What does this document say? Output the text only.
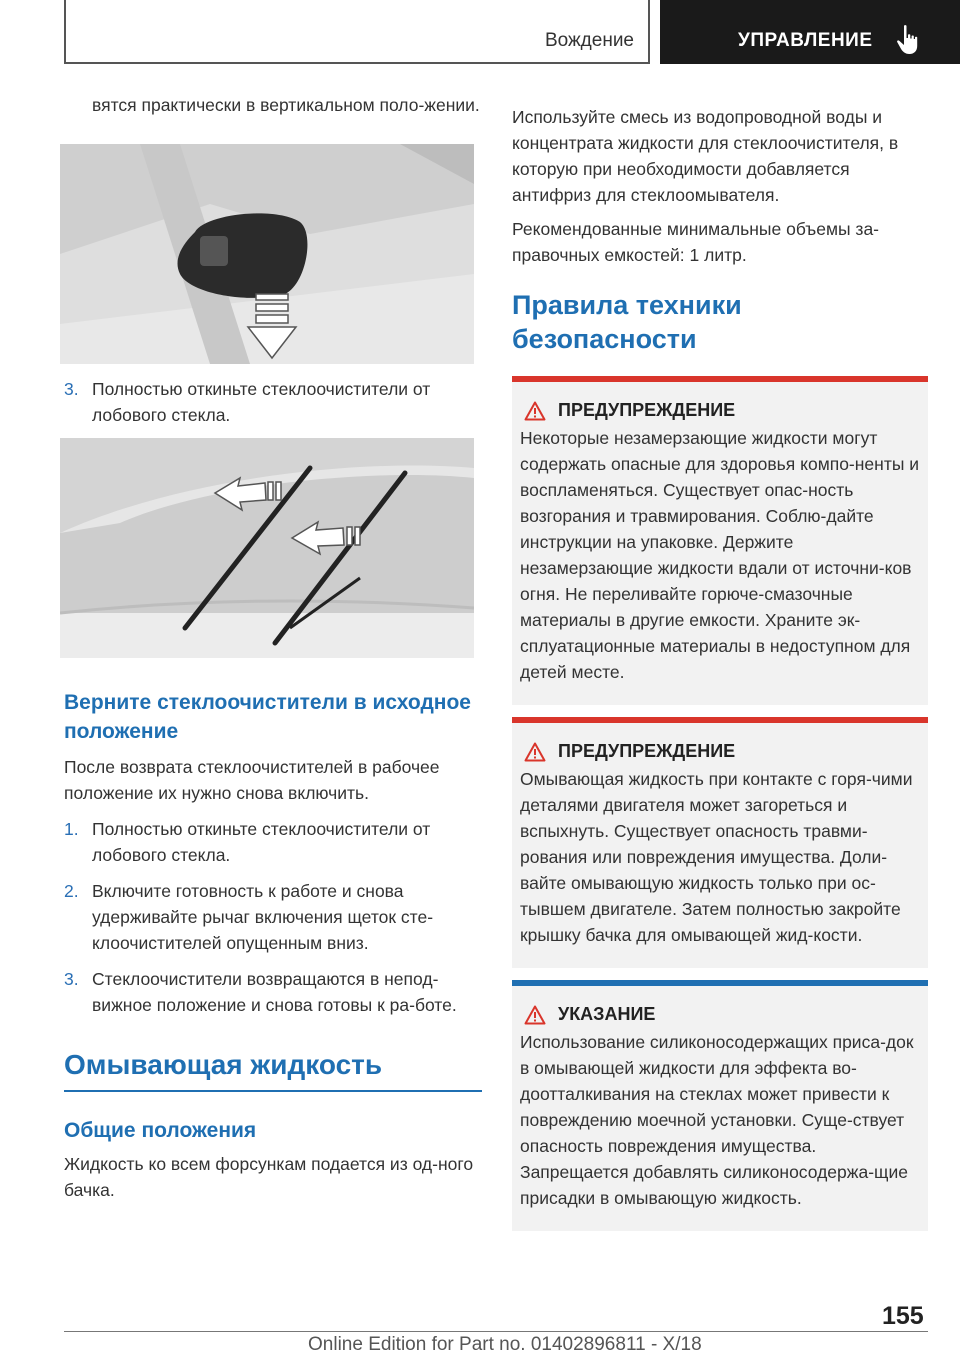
Вождение	УПРАВЛЕНИЕ

вятся практически в вертикальном поло-жении.

3. Полностью откиньте стеклоочистители от лобового стекла.
Верните стеклоочистители в исходное положение

После возврата стеклоочистителей в рабочее положение их нужно снова включить.

1. Полностью откиньте стеклоочистители от лобового стекла.
2. Включите готовность к работе и снова удерживайте рычаг включения щеток сте-клоочистителей опущенным вниз.
3. Стеклоочистители возвращаются в непод-вижное положение и снова готовы к ра-боте.
Омывающая жидкость
Общие положения

Жидкость ко всем форсункам подается из од-ного бачка.

Используйте смесь из водопроводной воды и концентрата жидкости для стеклоочистителя, в которую при необходимости добавляется антифриз для стеклоомывателя.

Рекомендованные минимальные объемы за-правочных емкостей: 1 литр.

Правила техники безопасности
ПРЕДУПРЕЖДЕНИЕ

Некоторые незамерзающие жидкости могут содержать опасные для здоровья компо-ненты и воспламеняться. Существует опас-ность возгорания и травмирования. Соблю-дайте инструкции на упаковке. Держите незамерзающие жидкости вдали от источни-ков огня. Не переливайте горюче-смазочные материалы в другие емкости. Храните эк-сплуатационные материалы в недоступном для детей месте.

ПРЕДУПРЕЖДЕНИЕ

Омывающая жидкость при контакте с горя-чими деталями двигателя может загореться и вспыхнуть. Существует опасность травми-рования или повреждения имущества. Доли-вайте омывающую жидкость только при ос-тывшем двигателе. Затем полностью закройте крышку бачка для омывающей жид-кости.

УКАЗАНИЕ

Использование силиконосодержащих приса-док в омывающей жидкости для эффекта во-доотталкивания на стеклах может привести к повреждению моечной установки. Суще-ствует опасность повреждения имущества. Запрещается добавлять силиконосодержа-щие присадки в омывающую жидкость.

155
Online Edition for Part no. 01402896811 - X/18
